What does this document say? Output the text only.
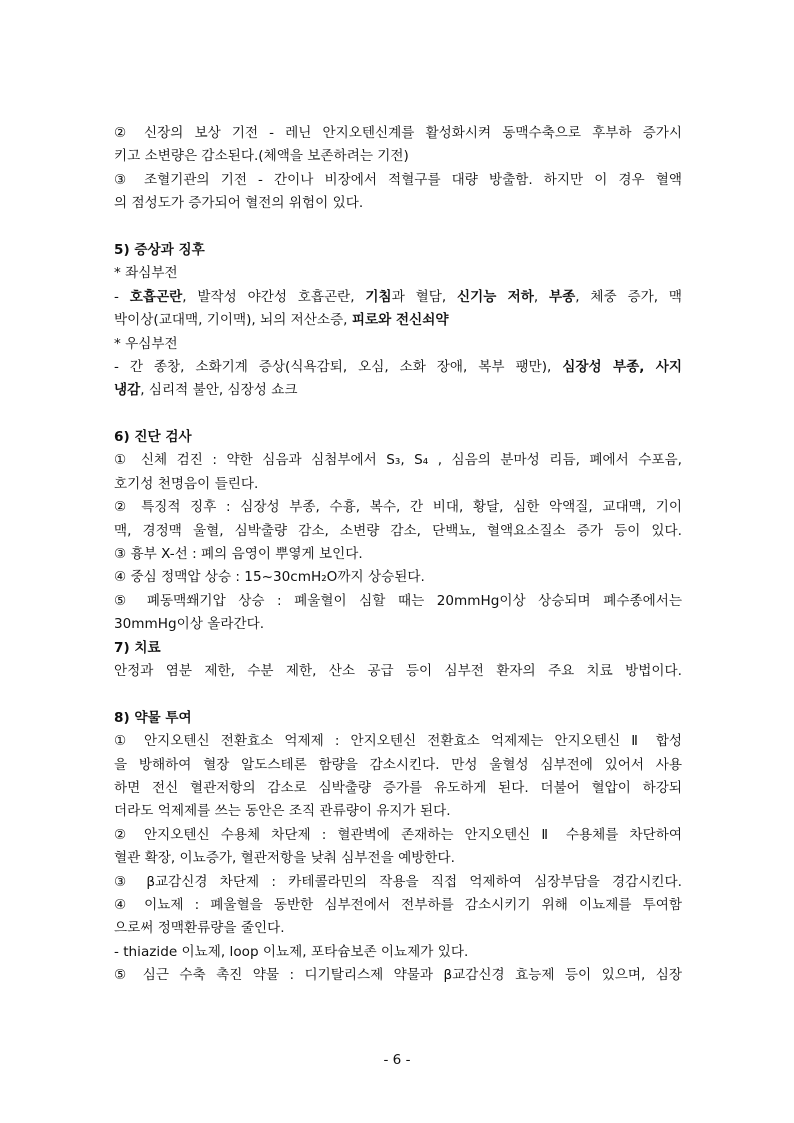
② 신장의 보상 기전 - 레닌 안지오텐신계를 활성화시켜 동맥수축으로 후부하 증가시
키고 소변량은 감소된다.(체액을 보존하려는 기전)
③ 조혈기관의 기전 - 간이나 비장에서 적혈구를 대량 방출함. 하지만 이 경우 혈액
의 점성도가 증가되어 혈전의 위험이 있다.
5) 증상과 징후
* 좌심부전
- 호흡곤란, 발작성 야간성 호흡곤란, 기침과 혈담, 신기능 저하, 부종, 체중 증가, 맥
박이상(교대맥, 기이맥), 뇌의 저산소증, 피로와 전신쇠약
* 우심부전
- 간 종창, 소화기계 증상(식욕감퇴, 오심, 소화 장애, 복부 팽만), 심장성 부종, 사지
냉감, 심리적 불안, 심장성 쇼크
6) 진단 검사
① 신체 검진 : 약한 심음과 심첨부에서 S₃, S₄ , 심음의 분마성 리듬, 폐에서 수포음,
호기성 천명음이 들린다.
② 특징적 징후 : 심장성 부종, 수흉, 복수, 간 비대, 황달, 심한 악액질, 교대맥, 기이
맥, 경정맥 울혈, 심박출량 감소, 소변량 감소, 단백뇨, 혈액요소질소 증가 등이 있다.
③ 흉부 X-선 : 폐의 음영이 뿌옇게 보인다.
④ 중심 정맥압 상승 : 15~30cmH₂O까지 상승된다.
⑤ 폐동맥쐐기압 상승 : 폐울혈이 심할 때는 20mmHg이상 상승되며 폐수종에서는
30mmHg이상 올라간다.
7) 치료
안정과 염분 제한, 수분 제한, 산소 공급 등이 심부전 환자의 주요 치료 방법이다.
8) 약물 투여
① 안지오텐신 전환효소 억제제 : 안지오텐신 전환효소 억제제는 안지오텐신 Ⅱ 합성
을 방해하여 혈장 알도스테론 함량을 감소시킨다. 만성 울혈성 심부전에 있어서 사용
하면 전신 혈관저항의 감소로 심박출량 증가를 유도하게 된다. 더불어 혈압이 하강되
더라도 억제제를 쓰는 동안은 조직 관류량이 유지가 된다.
② 안지오텐신 수용체 차단제 : 혈관벽에 존재하는 안지오텐신 Ⅱ 수용체를 차단하여
혈관 확장, 이뇨증가, 혈관저항을 낮춰 심부전을 예방한다.
③ β교감신경 차단제 : 카테콜라민의 작용을 직접 억제하여 심장부담을 경감시킨다.
④ 이뇨제 : 폐울혈을 동반한 심부전에서 전부하를 감소시키기 위해 이뇨제를 투여함
으로써 정맥환류량을 줄인다.
- thiazide 이뇨제, loop 이뇨제, 포타슘보존 이뇨제가 있다.
⑤ 심근 수축 촉진 약물 : 디기탈리스제 약물과 β교감신경 효능제 등이 있으며, 심장
- 6 -
